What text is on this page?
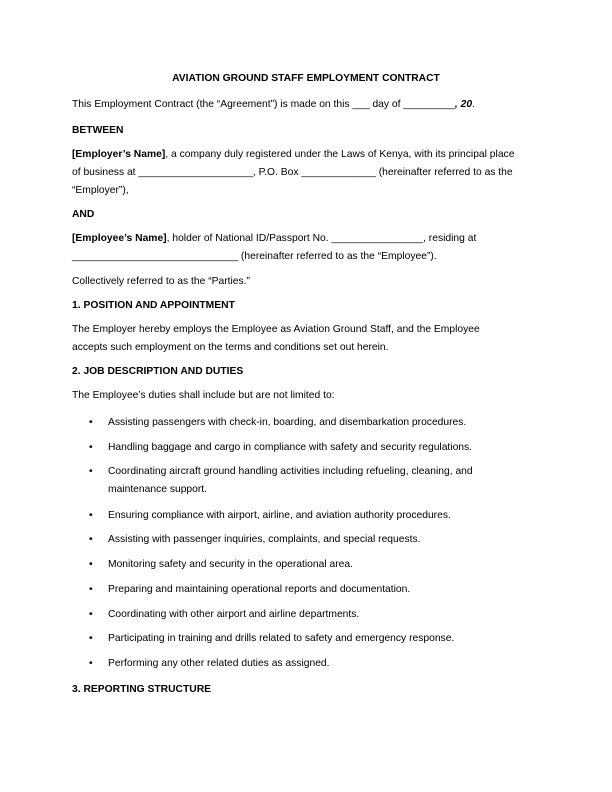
AVIATION GROUND STAFF EMPLOYMENT CONTRACT
This Employment Contract (the “Agreement”) is made on this ___ day of _________, 20.
BETWEEN
[Employer’s Name], a company duly registered under the Laws of Kenya, with its principal place
of business at ____________________, P.O. Box _____________ (hereinafter referred to as the
“Employer”),
AND
[Employee’s Name], holder of National ID/Passport No. ________________, residing at
_____________________________ (hereinafter referred to as the “Employee”).
Collectively referred to as the “Parties.”
1. POSITION AND APPOINTMENT
The Employer hereby employs the Employee as Aviation Ground Staff, and the Employee
accepts such employment on the terms and conditions set out herein.
2. JOB DESCRIPTION AND DUTIES
The Employee’s duties shall include but are not limited to:
• Assisting passengers with check-in, boarding, and disembarkation procedures.
• Handling baggage and cargo in compliance with safety and security regulations.
• Coordinating aircraft ground handling activities including refueling, cleaning, and
maintenance support.
• Ensuring compliance with airport, airline, and aviation authority procedures.
• Assisting with passenger inquiries, complaints, and special requests.
• Monitoring safety and security in the operational area.
• Preparing and maintaining operational reports and documentation.
• Coordinating with other airport and airline departments.
• Participating in training and drills related to safety and emergency response.
• Performing any other related duties as assigned.
3. REPORTING STRUCTURE
